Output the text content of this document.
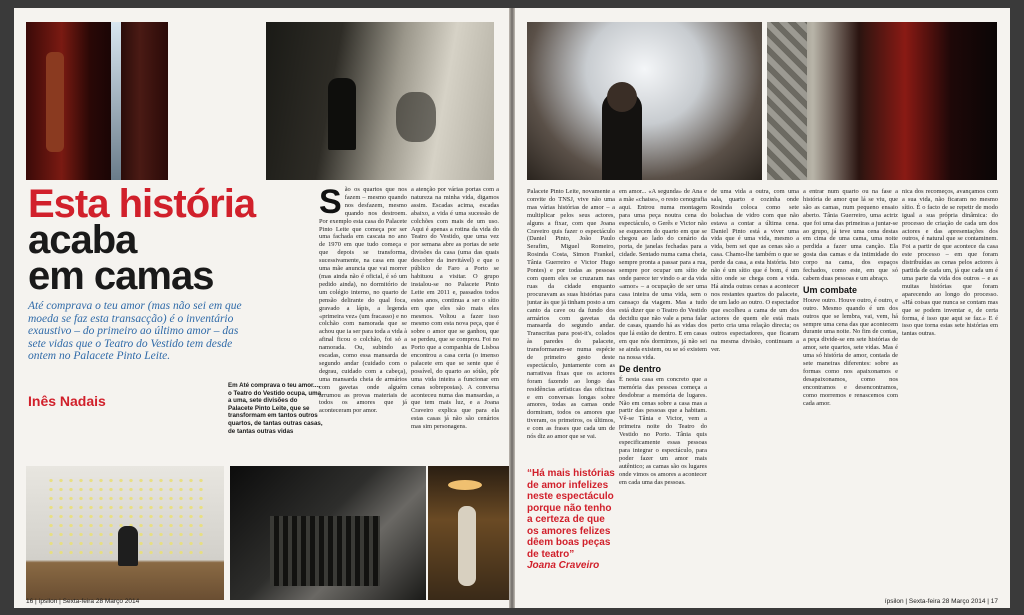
Esta história
acaba
em camas
Até comprava o teu amor (mas não sei em que moeda se faz esta transacção) é o inventário exaustivo – do primeiro ao último amor – das sete vidas que o Teatro do Vestido tem desde ontem no Palacete Pinto Leite.
Inês Nadais
Em Até comprava o teu amor..., o Teatro do Vestido ocupa, uma a uma, sete divisões do Palacete Pinto Leite, que se transformam em tantos outros quartos, de tantas outras casas, de tantas outras vidas
S ão os quartos que nos fazem – mesmo quando nos desfazem, mesmo quando nos destroem. Por exemplo esta casa do Palacete Pinto Leite que começa por ser uma fachada em cascata no ano de 1970 em que tudo começa e que depois se transforma, sucessivamente, na casa em que uma mãe anuncia que vai morrer (mas ainda não é oficial, é só um pedido ainda), no dormitório de um colégio interno, no quarto de pensão delirante do qual foca, gravado a lápis, a legenda «primeira vez» (um fracasso) e no colchão com namorada que se achou que ia ser para toda a vida à afinal ficou o colchão, foi só a namorada. Ou, subindo as escadas, como essa mansarda de segundo andar (cuidado com o degrau, cuidado com a cabeça), uma mansarda cheia de armários com gavetas onde alguém arrumou as provas materiais de todos os amores que já aconteceram por amor.
a atenção por várias portas com a natureza na minha vida, digamos assim. Escadas acima, escadas abaixo, a vida é uma sucessão de colchões com mais de um uso. Aqui é apenas a rotina da vida do Teatro do Vestido, que uma vez por semana abre as portas de sete divisões da casa (uma das quais descobre da inevitável) e que o público de Faro a Porto se habituou a visitar. O grupo instalou-se no Palacete Pinto Leite em 2011 e, passados todos estes anos, continua a ser o sítio em que eles são mais eles mesmos. Voltou a fazer isso mesmo com esta nova peça, que é sobre o amor que se ganhou, que se perdeu, que se comprou. Foi no Porto que a companhia de Lisboa encontrou a casa certa (o imenso palacete em que se sente que é possível, do quarto ao sótão, pôr uma vida inteira a funcionar em cenas sobrepostas). A conversa aconteceu numa das mansardas, a que tem mais luz, e a Joana Craveiro explica que para ela estas casas já não são cenários mas sim personagens.
16 | ípsilon | Sexta-feira 28 Março 2014
Palacete Pinto Leite, novamente a convite do TNSJ, vive não uma mas várias histórias de amor – a multiplicar pelos seus actores, alguns a fixar, com que Joana Craveiro quis fazer o espectáculo (Daniel Pinto, João Paulo Serafim, Miguel Romeiro, Rosinda Costa, Simon Frankel, Tânia Guerreiro e Victor Hugo Pontes) e por todas as pessoas com quem eles se cruzaram nas ruas da cidade enquanto procuravam as suas histórias para juntar às que já tinham posto a um canto da cave ou da fundo dos armários com gavetas da mansarda do segundo andar. Transcritas para post-it's, colados às paredes do palacete, transformaram-se numa espécie de primeiro gesto deste espectáculo, juntamente com as narrativas fixas que os actores foram fazendo ao longo das residências artísticas das oficinas e em conversas longas sobre amores, todas as camas onde dormiram, todos os amores que tiveram, os primeiros, os últimos, e com as frases que cada um de nós diz ao amor que se vai.
em amor... «A segunda» de Ana e a mãe «chaise», o resto cenografia aqui. Entrou numa montagem para uma peça noutra cena do espectáculo, o Gerês e Victor não se esquecem do quarto em que se chegou ao lado do cenário da porta, de janelas fechadas para a cidade. Sentado numa cama cheia, sempre pronta a passar para a rua, sempre por ocupar um sítio de onde parece ter vindo o ar da vida «amor» – a ocupação de ser uma casa inteira de uma vida, sem o cansaço da viagem. Mas a tudo está dizer que o Teatro do Vestido decidiu que não vale a pena falar de casas, quando há as vidas dos que lá estão de dentro. E em casas em que nós dormimos, já não sei se ainda existem, ou se só existem na nossa vida.
De dentro
É nesta casa em concreto que a memória das pessoas começa a desdobrar a memória de lugares. Não em cenas sobre a casa mas a partir das pessoas que a habitam. Vê-se Tânia e Victor, vem a primeira noite do Teatro do Vestido no Porto. Tânia quis especificamente essas pessoas para integrar o espectáculo, para poder fazer um amor mais autêntico; as camas são os lugares onde vimos os amores a acontecer em cada uma das pessoas.
de uma vida a outra, com uma sala, quarto e cozinha onde Rosinda coloca como sete bolachas de vidro com que não estava a contar a última cena. Daniel Pinto está a viver uma vida que é uma vida, mesmo a vida, bem sei que as cenas são a casa. Chamo-lhe também o que se perde da casa, a esta história. Isto não é um sítio que é bom, é um sítio onde se chega com a vida. Há ainda outras cenas a acontecer nos restantes quartos do palacete, de um lado ao outro. O espectador que escolheu a cama de um dos actores de quem ele está mais perto cria uma relação directa; os outros espectadores, que ficaram na mesma divisão, continuam a ver.
a entrar num quarto ou na fase a história de amor que lá se viu, que são as camas, num pequeno ensaio aberto. Tânia Guerreiro, uma actriz que foi uma das primeiras a juntar-se ao grupo, já teve uma cena destas em cima de uma cama, uma noite perdida a fazer uma canção. Ela gosta das camas e da intimidade do corpo na cama, dos espaços fechados, como este, em que só cabem duas pessoas e um abraço.
Um combate
Houve outro. Houve outro, é outro, e outro. Mesmo quando é um dos outros que se lembra, vai, vem, há sempre uma cena das que acontecem durante uma noite. No fim de contas, a peça divide-se em sete histórias de amor, sete quartos, sete vidas. Mas é uma só história de amor, contada de sete maneiras diferentes: sobre as formas como nos apaixonamos e desapaixonamos, como nos encontramos e desencontramos, como morremos e renascemos com cada amor.
nica dos recomeços, avançamos com a sua vida, não ficaram no mesmo sítio. É o facto de se repetir de modo igual a sua própria dinâmica: do processo de criação de cada um dos actores e das apresentações dos outros, é natural que se contaminem. Foi a partir de que acontece da casa este processo – em que foram distribuídas as cenas pelos actores à partida de cada um, já que cada um é uma parte da vida dos outros – e as muitas histórias que foram aparecendo ao longo do processo. «Há coisas que nunca se contam mas que se podem inventar e, de certa forma, é isso que aqui se faz.» E é isso que torna estas sete histórias em tantas outras.
ípsilon | Sexta-feira 28 Março 2014 | 17
“Há mais histórias de amor infelizes neste espectáculo porque não tenho a certeza de que os amores felizes dêem boas peças de teatro”
Joana Craveiro
